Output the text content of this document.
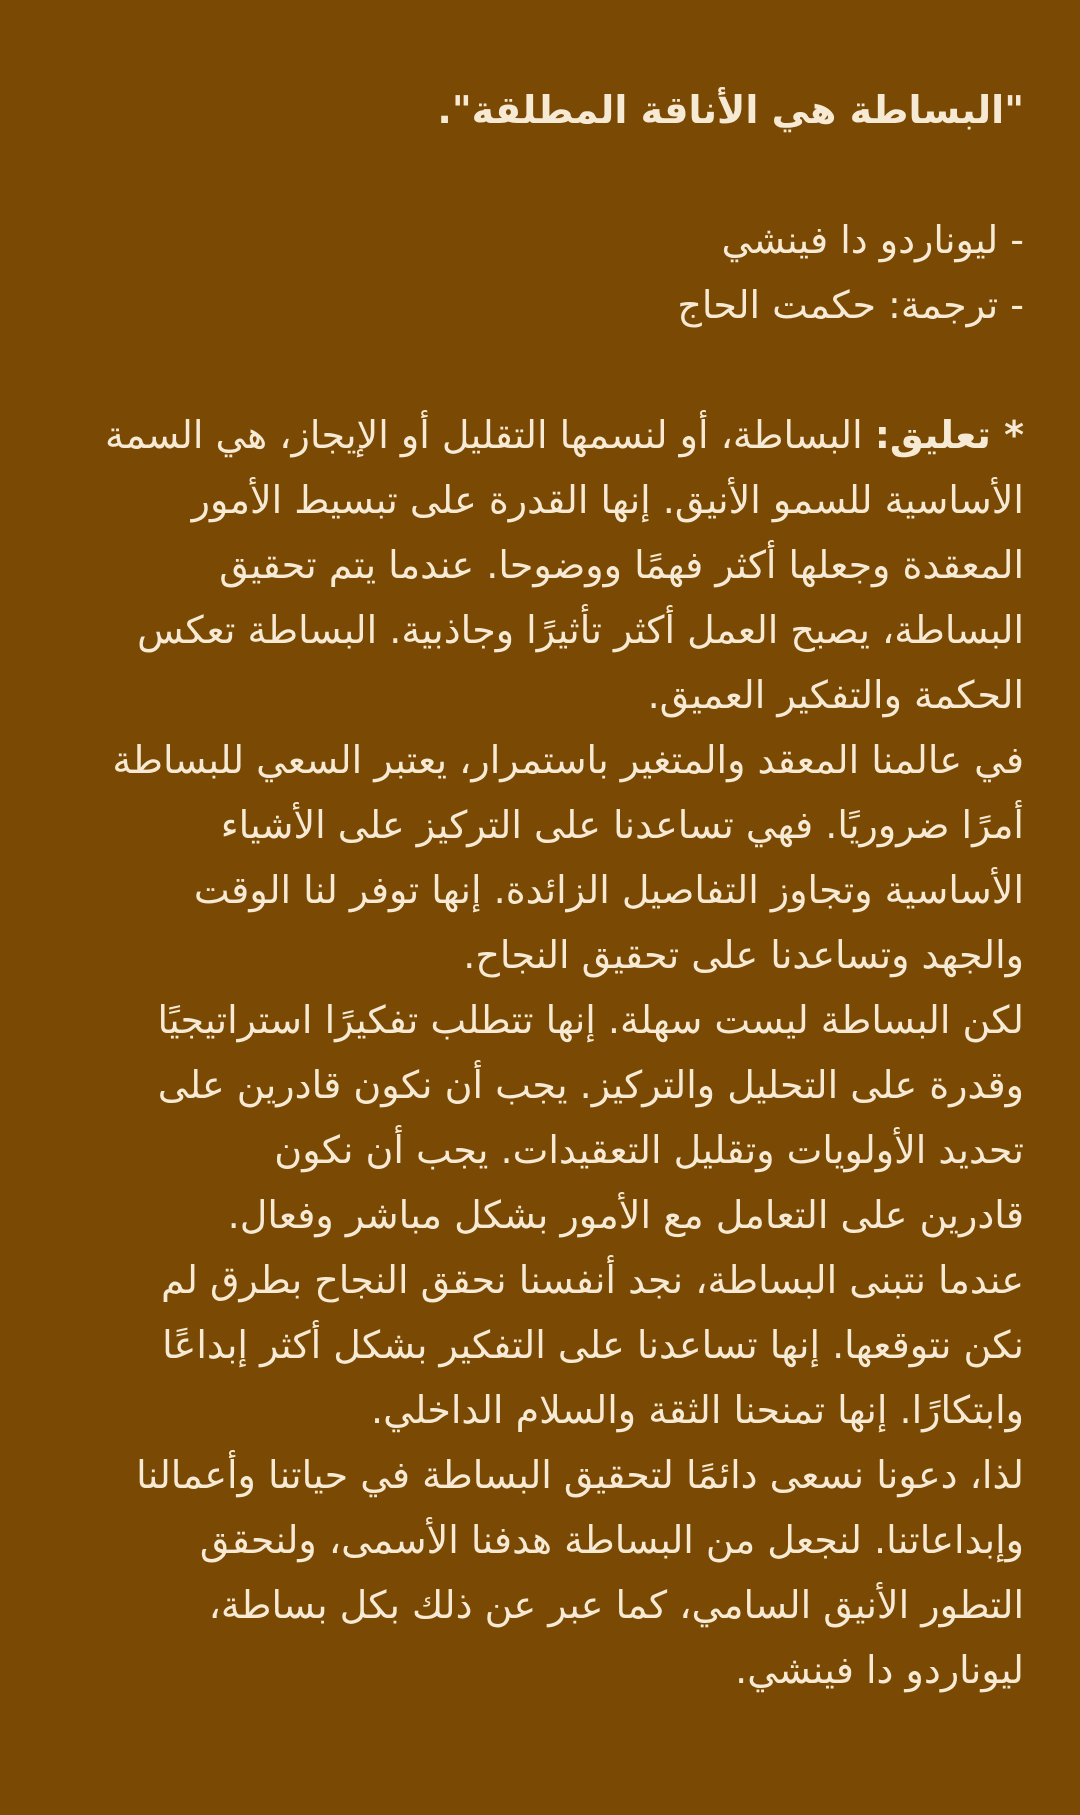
"البساطة هي الأناقة المطلقة".
- ليوناردو دا فينشي
- ترجمة: حكمت الحاج
* تعليق: البساطة، أو لنسمها التقليل أو الإيجاز، هي السمة
الأساسية للسمو الأنيق. إنها القدرة على تبسيط الأمور
المعقدة وجعلها أكثر فهمًا ووضوحا. عندما يتم تحقيق
البساطة، يصبح العمل أكثر تأثيرًا وجاذبية. البساطة تعكس
الحكمة والتفكير العميق.
في عالمنا المعقد والمتغير باستمرار، يعتبر السعي للبساطة
أمرًا ضروريًا. فهي تساعدنا على التركيز على الأشياء
الأساسية وتجاوز التفاصيل الزائدة. إنها توفر لنا الوقت
والجهد وتساعدنا على تحقيق النجاح.
لكن البساطة ليست سهلة. إنها تتطلب تفكيرًا استراتيجيًا
وقدرة على التحليل والتركيز. يجب أن نكون قادرين على
تحديد الأولويات وتقليل التعقيدات. يجب أن نكون
قادرين على التعامل مع الأمور بشكل مباشر وفعال.
عندما نتبنى البساطة، نجد أنفسنا نحقق النجاح بطرق لم
نكن نتوقعها. إنها تساعدنا على التفكير بشكل أكثر إبداعًا
وابتكارًا. إنها تمنحنا الثقة والسلام الداخلي.
لذا، دعونا نسعى دائمًا لتحقيق البساطة في حياتنا وأعمالنا
وإبداعاتنا. لنجعل من البساطة هدفنا الأسمى، ولنحقق
التطور الأنيق السامي، كما عبر عن ذلك بكل بساطة،
ليوناردو دا فينشي.
